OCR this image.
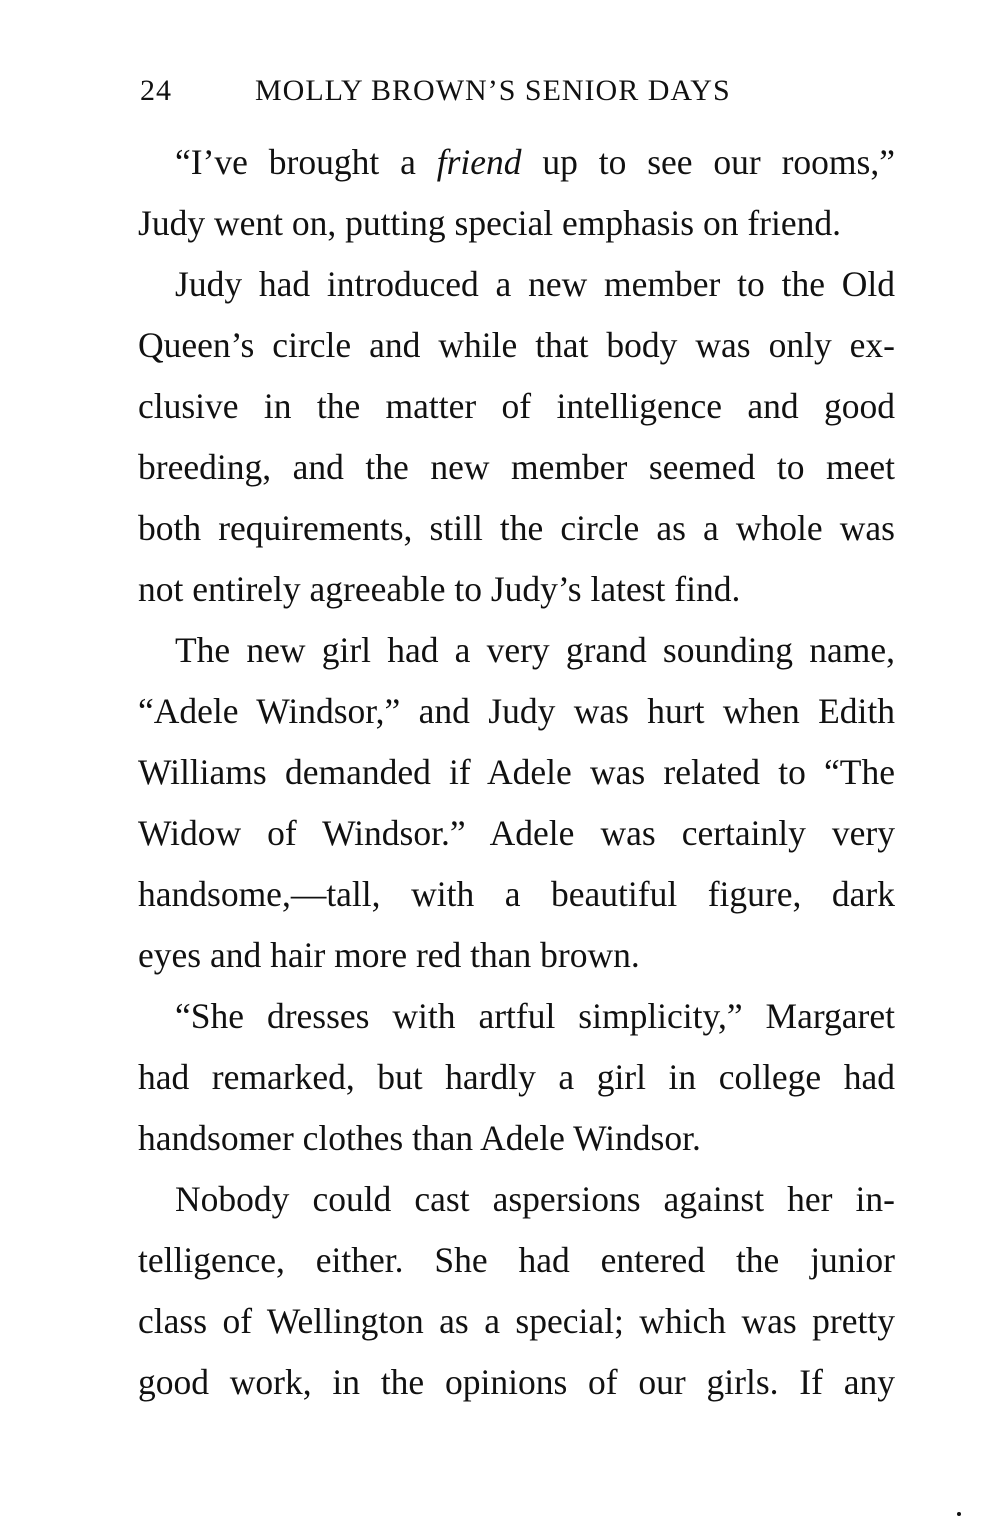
24	MOLLY BROWN’S SENIOR DAYS
“I’ve brought a friend up to see our rooms,”
Judy went on, putting special emphasis on friend.
Judy had introduced a new member to the Old
Queen’s circle and while that body was only ex-
clusive in the matter of intelligence and good
breeding, and the new member seemed to meet
both requirements, still the circle as a whole was
not entirely agreeable to Judy’s latest find.
The new girl had a very grand sounding name,
“Adele Windsor,” and Judy was hurt when Edith
Williams demanded if Adele was related to “The
Widow of Windsor.” Adele was certainly very
handsome,—tall, with a beautiful figure, dark
eyes and hair more red than brown.
“She dresses with artful simplicity,” Margaret
had remarked, but hardly a girl in college had
handsomer clothes than Adele Windsor.
Nobody could cast aspersions against her in-
telligence, either. She had entered the junior
class of Wellington as a special; which was pretty
good work, in the opinions of our girls. If any
